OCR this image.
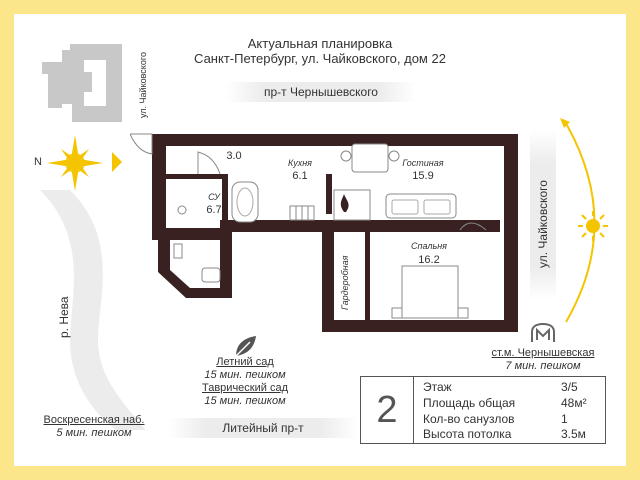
ул. Чайковского
Актуальная планировка
Санкт-Петербург, ул. Чайковского, дом 22
пр-т Чернышевского
ул. Чайковского
N
р. Нева
3.0
Кухня
6.1
Гостиная
15.9
СУ
6.7
Гардеробная
Спальня
16.2
Летний сад
15 мин. пешком
Таврический сад
15 мин. пешком
Литейный пр-т
Воскресенская наб.
5 мин. пешком
ст.м. Чернышевская
7 мин. пешком
2
Этаж	3/5
Площадь общая	48м²
Кол-во санузлов	1
Высота потолка	3.5м
